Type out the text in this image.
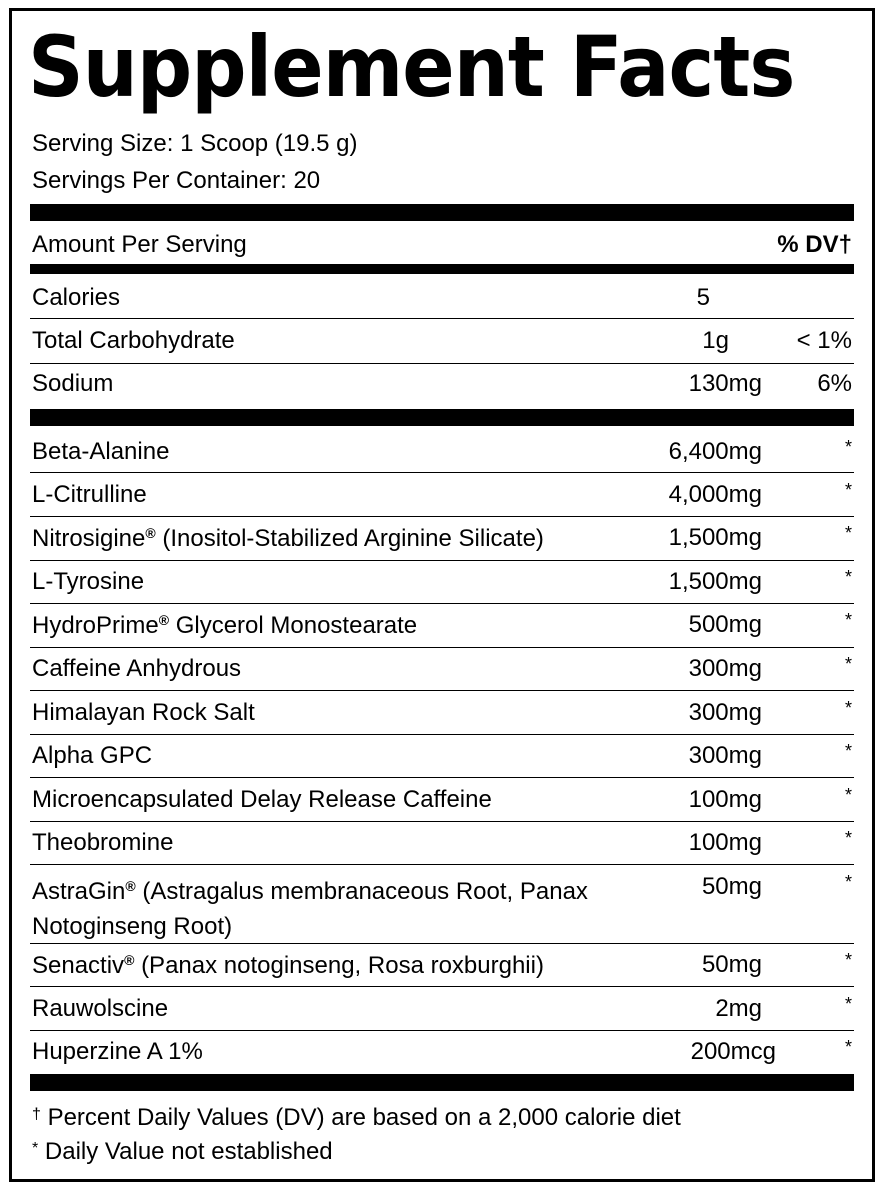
Supplement Facts
Serving Size: 1 Scoop (19.5 g)
Servings Per Container: 20
Amount Per Serving	% DV†
Calories	5
Total Carbohydrate	1g	< 1%
Sodium	130mg 6%
Beta-Alanine	6,400mg	*
L-Citrulline	4,000mg	*
Nitrosigine® (Inositol-Stabilized Arginine Silicate)	1,500mg	*
L-Tyrosine	1,500mg	*
HydroPrime® Glycerol Monostearate	500mg	*
Caffeine Anhydrous	300mg	*
Himalayan Rock Salt	300mg	*
Alpha GPC	300mg	*
Microencapsulated Delay Release Caffeine	100mg	*
Theobromine	100mg	*
AstraGin® (Astragalus membranaceous Root, Panax Notoginseng Root)
50mg	*
Senactiv® (Panax notoginseng, Rosa roxburghii)	50mg	*
Rauwolscine	2mg	*
Huperzine A 1%	200mcg	*
† Percent Daily Values (DV) are based on a 2,000 calorie diet
* Daily Value not established
